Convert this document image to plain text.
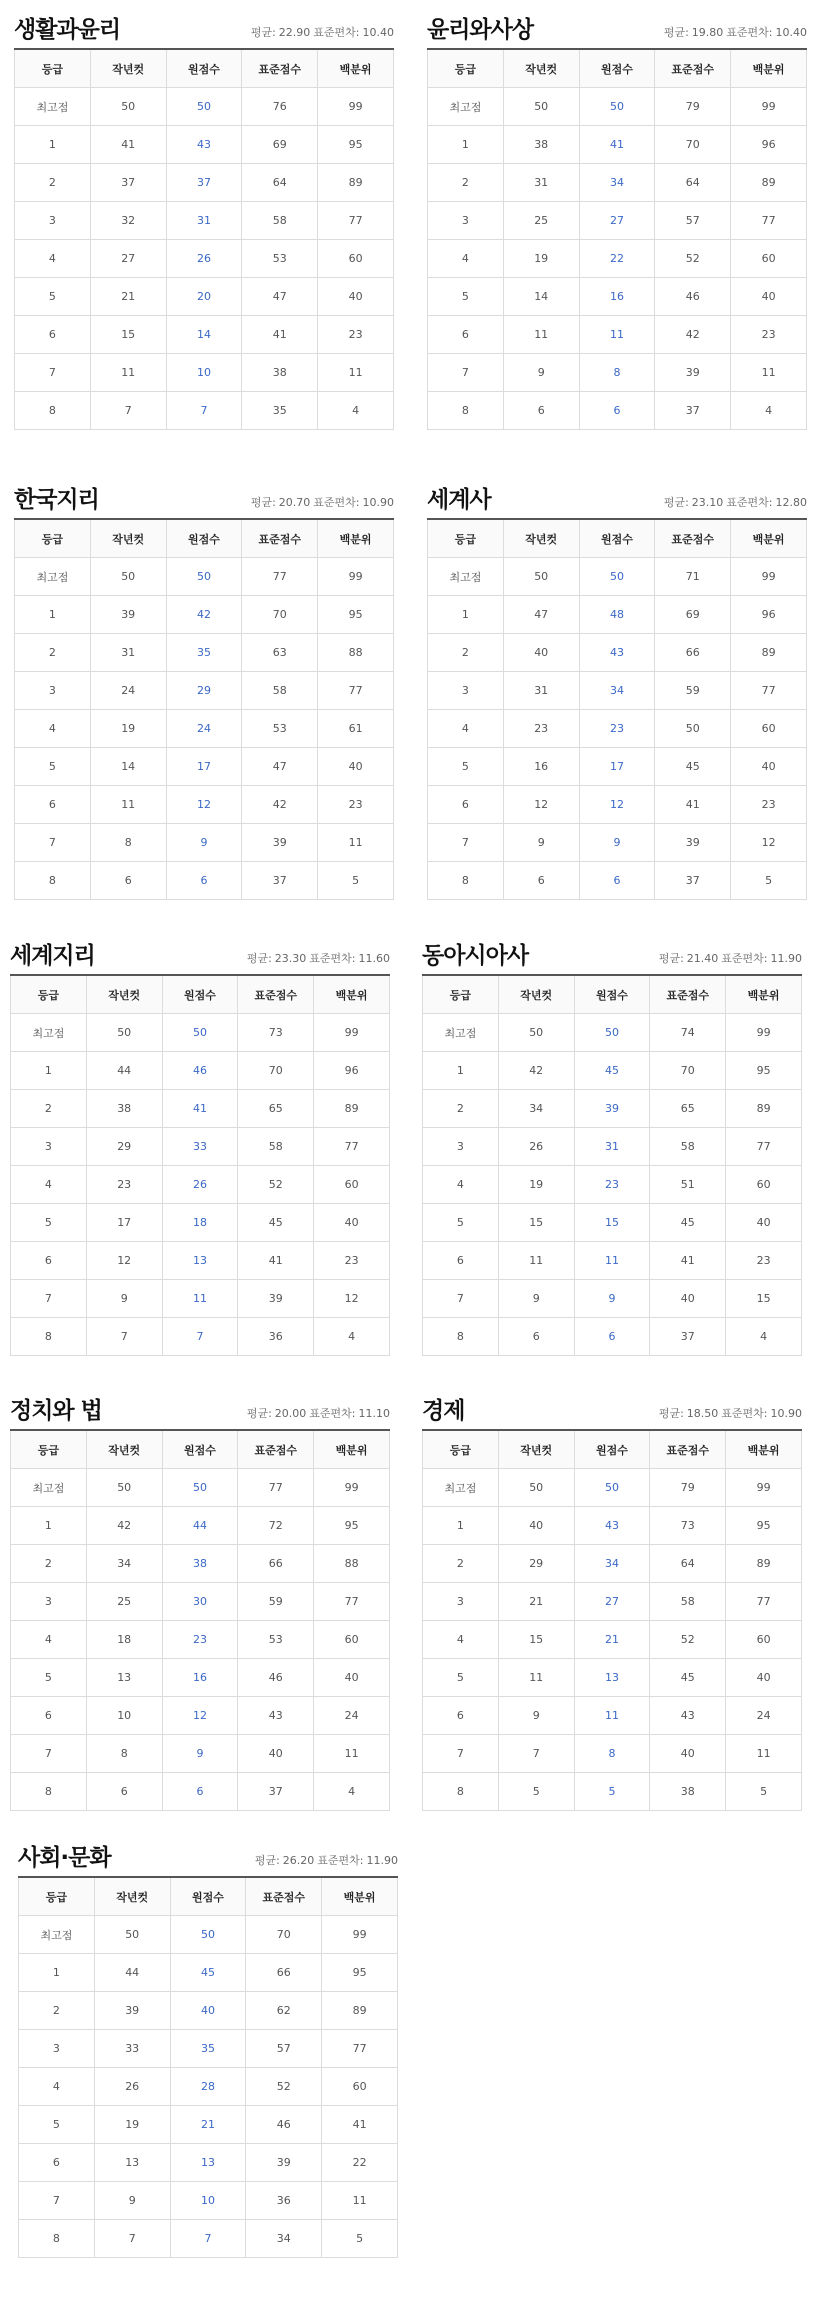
생활과윤리	평균: 22.90 표준편차: 10.40
등급	작년컷	원점수	표준점수	백분위
최고점	50	50	76	99
1	41	43	69	95
2	37	37	64	89
3	32	31	58	77
4	27	26	53	60
5	21	20	47	40
6	15	14	41	23
7	11	10	38	11
8	7	7	35	4
윤리와사상	평균: 19.80 표준편차: 10.40
등급	작년컷	원점수	표준점수	백분위
최고점	50	50	79	99
1	38	41	70	96
2	31	34	64	89
3	25	27	57	77
4	19	22	52	60
5	14	16	46	40
6	11	11	42	23
7	9	8	39	11
8	6	6	37	4
한국지리	평균: 20.70 표준편차: 10.90
등급	작년컷	원점수	표준점수	백분위
최고점	50	50	77	99
1	39	42	70	95
2	31	35	63	88
3	24	29	58	77
4	19	24	53	61
5	14	17	47	40
6	11	12	42	23
7	8	9	39	11
8	6	6	37	5
세계사	평균: 23.10 표준편차: 12.80
등급	작년컷	원점수	표준점수	백분위
최고점	50	50	71	99
1	47	48	69	96
2	40	43	66	89
3	31	34	59	77
4	23	23	50	60
5	16	17	45	40
6	12	12	41	23
7	9	9	39	12
8	6	6	37	5
세계지리	평균: 23.30 표준편차: 11.60
등급	작년컷	원점수	표준점수	백분위
최고점	50	50	73	99
1	44	46	70	96
2	38	41	65	89
3	29	33	58	77
4	23	26	52	60
5	17	18	45	40
6	12	13	41	23
7	9	11	39	12
8	7	7	36	4
동아시아사	평균: 21.40 표준편차: 11.90
등급	작년컷	원점수	표준점수	백분위
최고점	50	50	74	99
1	42	45	70	95
2	34	39	65	89
3	26	31	58	77
4	19	23	51	60
5	15	15	45	40
6	11	11	41	23
7	9	9	40	15
8	6	6	37	4
정치와 법	평균: 20.00 표준편차: 11.10
등급	작년컷	원점수	표준점수	백분위
최고점	50	50	77	99
1	42	44	72	95
2	34	38	66	88
3	25	30	59	77
4	18	23	53	60
5	13	16	46	40
6	10	12	43	24
7	8	9	40	11
8	6	6	37	4
경제	평균: 18.50 표준편차: 10.90
등급	작년컷	원점수	표준점수	백분위
최고점	50	50	79	99
1	40	43	73	95
2	29	34	64	89
3	21	27	58	77
4	15	21	52	60
5	11	13	45	40
6	9	11	43	24
7	7	8	40	11
8	5	5	38	5
사회·문화	평균: 26.20 표준편차: 11.90
등급	작년컷	원점수	표준점수	백분위
최고점	50	50	70	99
1	44	45	66	95
2	39	40	62	89
3	33	35	57	77
4	26	28	52	60
5	19	21	46	41
6	13	13	39	22
7	9	10	36	11
8	7	7	34	5
